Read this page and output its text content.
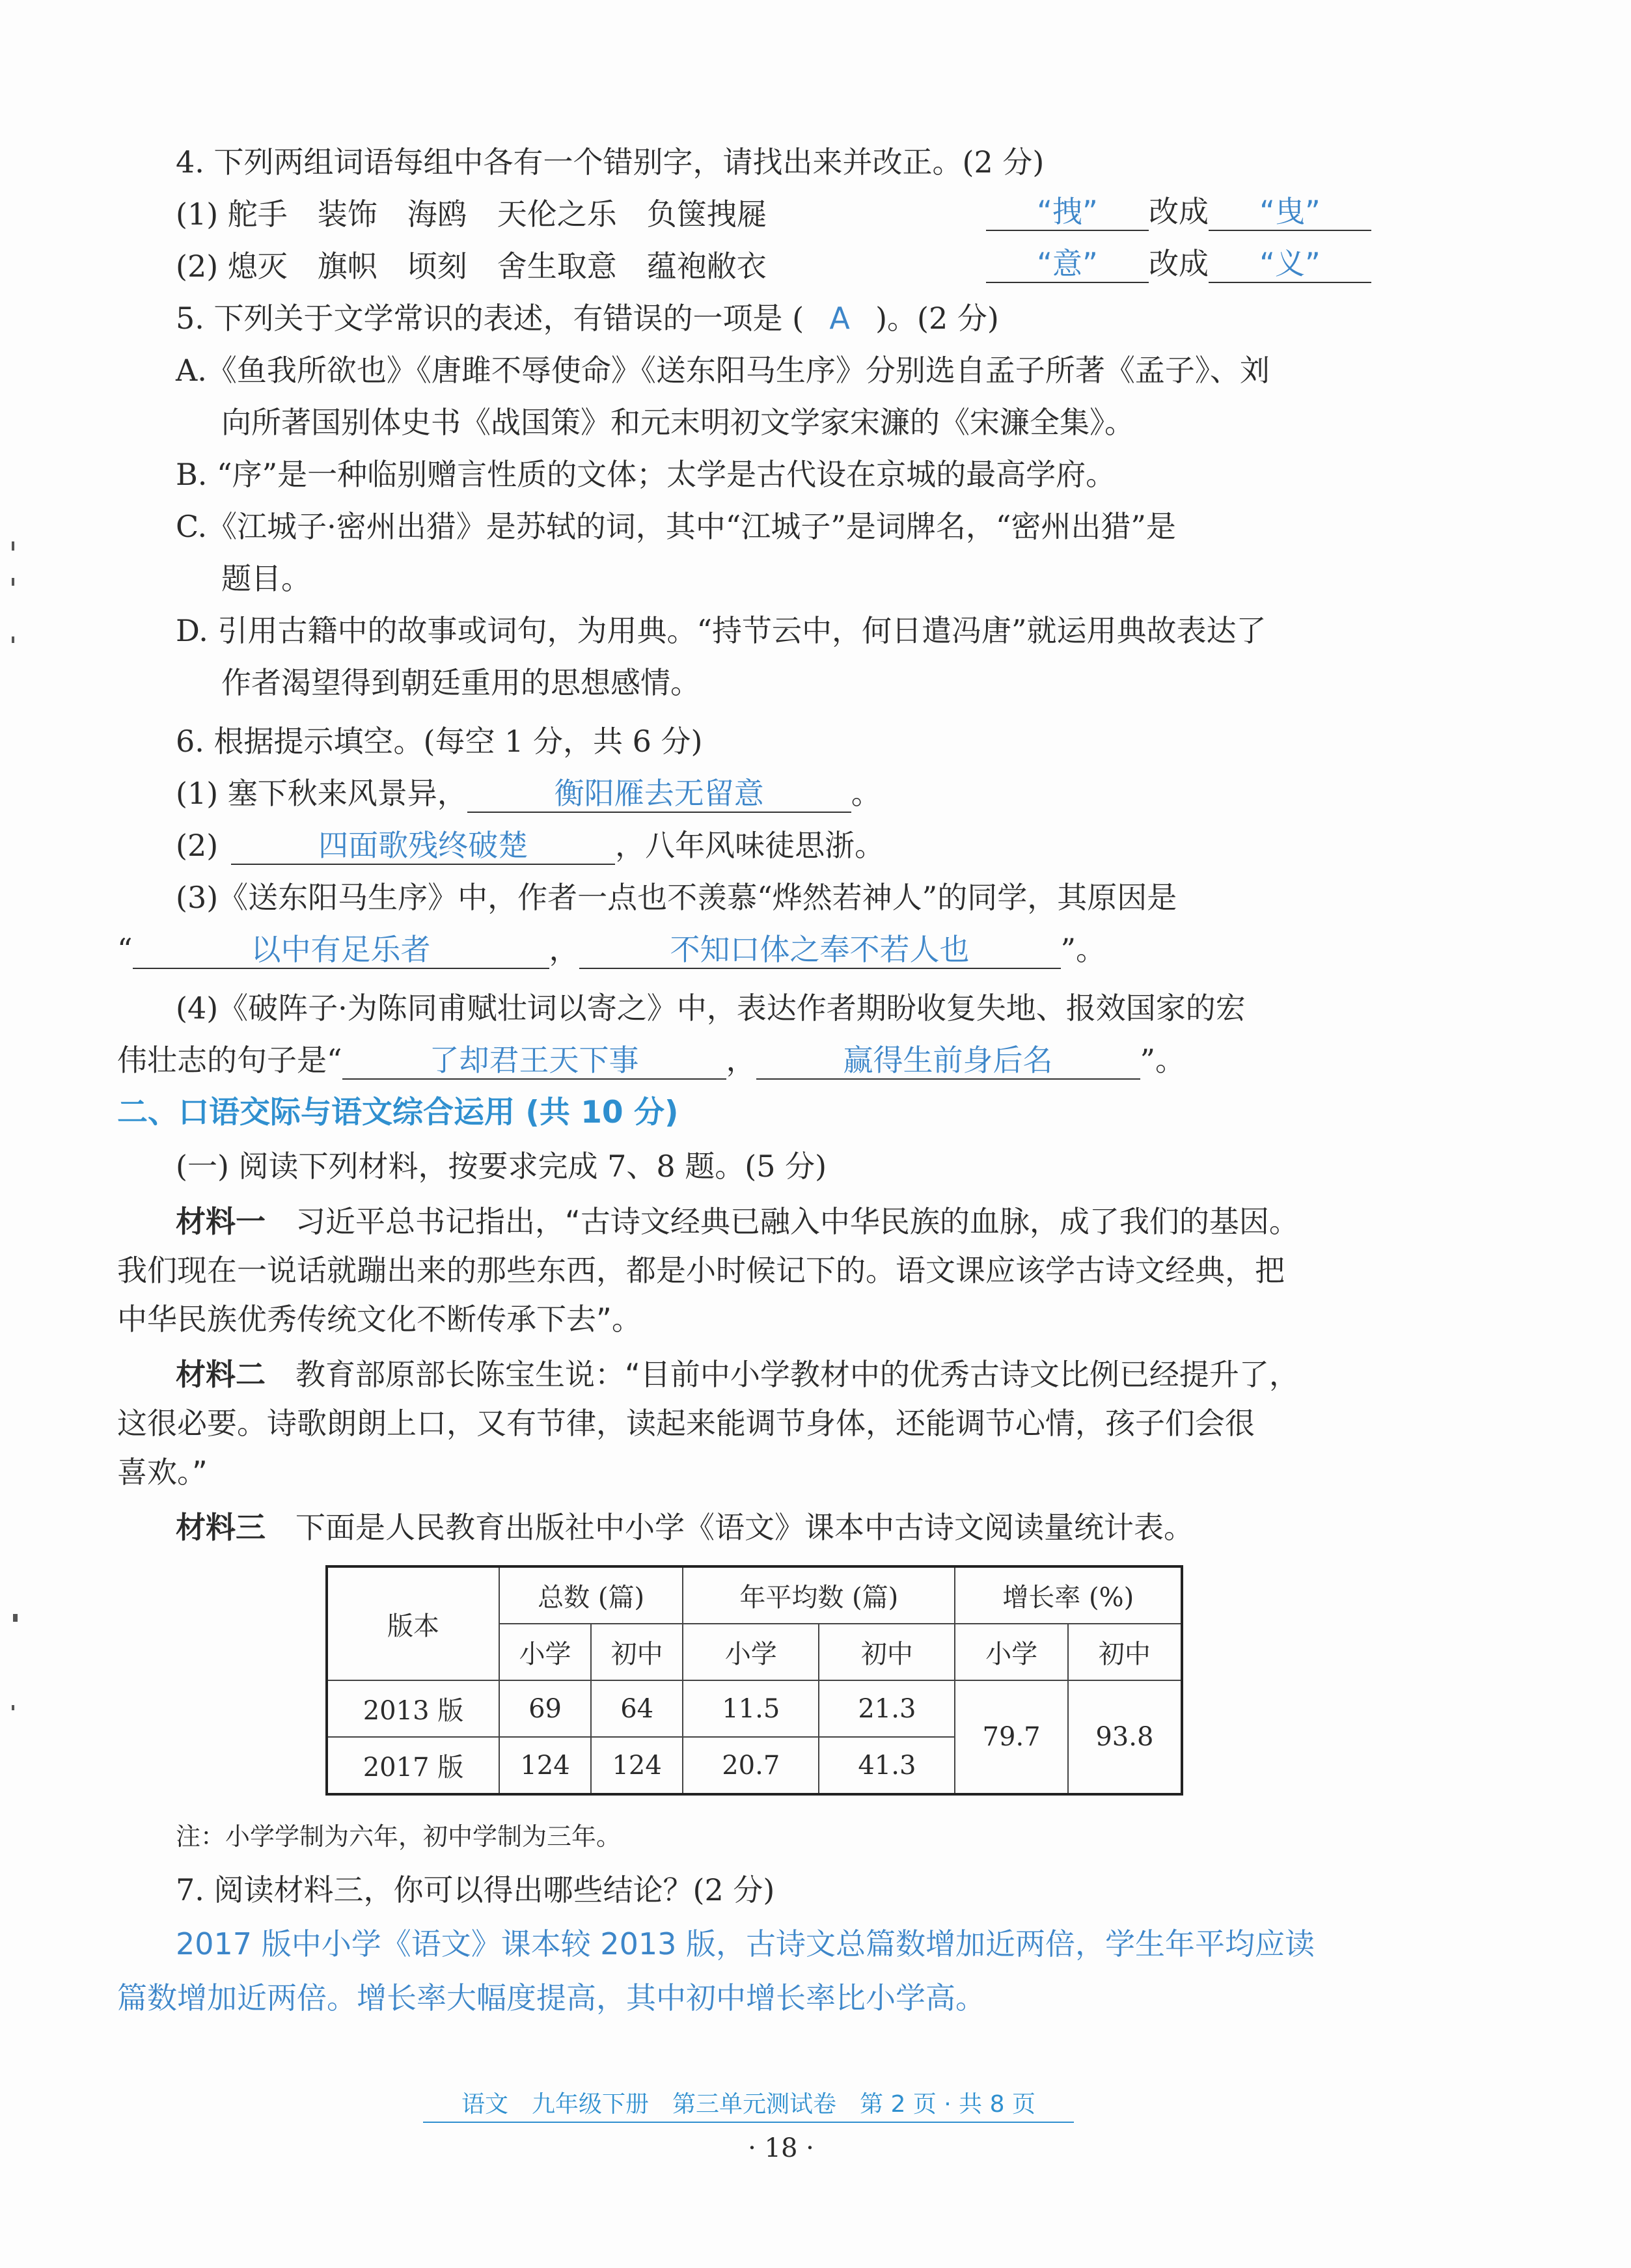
4. 下列两组词语每组中各有一个错别字，请找出来并改正。(2 分)
(1) 舵手　装饰　海鸥　天伦之乐　负箧拽屣	“拽” 改成 “曳”
(2) 熄灭　旗帜　顷刻　舍生取意　蕴袍敝衣	“意” 改成 “义”
5. 下列关于文学常识的表述，有错误的一项是 ( A )。(2 分)
A.《鱼我所欲也》《唐雎不辱使命》《送东阳马生序》分别选自孟子所著《孟子》、刘
向所著国别体史书《战国策》和元末明初文学家宋濂的《宋濂全集》。
B. “序”是一种临别赠言性质的文体；太学是古代设在京城的最高学府。
C.《江城子·密州出猎》是苏轼的词，其中“江城子”是词牌名，“密州出猎”是
题目。
D. 引用古籍中的故事或词句，为用典。“持节云中，何日遣冯唐”就运用典故表达了
作者渴望得到朝廷重用的思想感情。
6. 根据提示填空。(每空 1 分，共 6 分)
(1) 塞下秋来风景异，	衡阳雁去无留意	。
(2)	四面歌残终破楚	，八年风味徒思浙。
(3)《送东阳马生序》中，作者一点也不羡慕“烨然若神人”的同学，其原因是
“	以中有足乐者	，	不知口体之奉不若人也	”。
(4)《破阵子·为陈同甫赋壮词以寄之》中，表达作者期盼收复失地、报效国家的宏
伟壮志的句子是“	了却君王天下事	，	赢得生前身后名	”。
二、口语交际与语文综合运用 (共 10 分)
(一) 阅读下列材料，按要求完成 7、8 题。(5 分)
材料一　习近平总书记指出，“古诗文经典已融入中华民族的血脉，成了我们的基因。
我们现在一说话就蹦出来的那些东西，都是小时候记下的。语文课应该学古诗文经典，把
中华民族优秀传统文化不断传承下去”。
材料二　教育部原部长陈宝生说：“目前中小学教材中的优秀古诗文比例已经提升了，
这很必要。诗歌朗朗上口，又有节律，读起来能调节身体，还能调节心情，孩子们会很
喜欢。”
材料三　下面是人民教育出版社中小学《语文》课本中古诗文阅读量统计表。
版本	总数 (篇)		年平均数 (篇)		增长率 (%)	
	小学	初中	小学	初中	小学	初中
2013 版	69	64	11.5	21.3	79.7	93.8
2017 版	124	124	20.7	41.3		
注：小学学制为六年，初中学制为三年。
7. 阅读材料三，你可以得出哪些结论？(2 分)
2017 版中小学《语文》课本较 2013 版，古诗文总篇数增加近两倍，学生年平均应读
篇数增加近两倍。增长率大幅度提高，其中初中增长率比小学高。
语文　九年级下册　第三单元测试卷　第 2 页 · 共 8 页
· 18 ·
